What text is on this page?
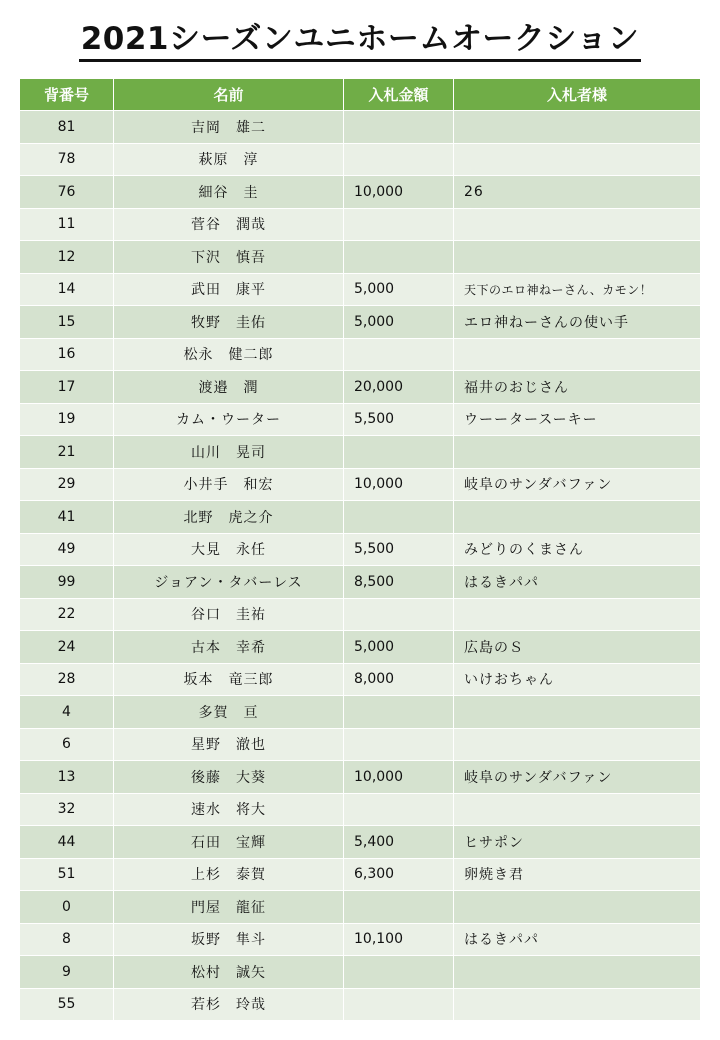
2021シーズンユニホームオークション
背番号	名前	入札金額	入札者様
81	吉岡　雄二		
78	萩原　淳		
76	細谷　圭	10,000	26
11	菅谷　潤哉		
12	下沢　慎吾		
14	武田　康平	5,000	天下のエロ神ねーさん、カモン！
15	牧野　圭佑	5,000	エロ神ねーさんの使い手
16	松永　健二郎		
17	渡邉　潤	20,000	福井のおじさん
19	カム・ウーター	5,500	ウーータースーキー
21	山川　晃司		
29	小井手　和宏	10,000	岐阜のサンダバファン
41	北野　虎之介		
49	大見　永任	5,500	みどりのくまさん
99	ジョアン・タバーレス	8,500	はるきパパ
22	谷口　圭祐		
24	古本　幸希	5,000	広島のＳ
28	坂本　竜三郎	8,000	いけおちゃん
4	多賀　亘		
6	星野　澈也		
13	後藤　大葵	10,000	岐阜のサンダバファン
32	速水　将大		
44	石田　宝輝	5,400	ヒサポン
51	上杉　泰賀	6,300	卵焼き君
0	門屋　龍征		
8	坂野　隼斗	10,100	はるきパパ
9	松村　誠矢		
55	若杉　玲哉		
